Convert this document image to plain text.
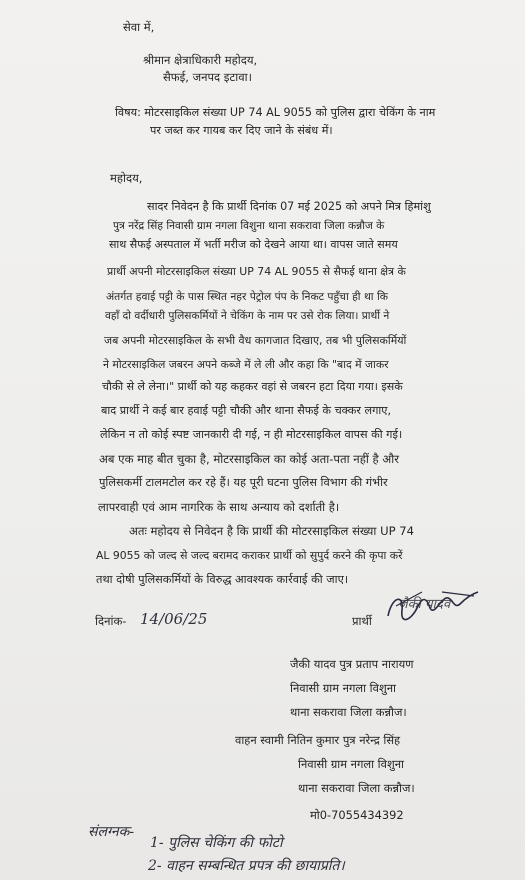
सेवा में,
श्रीमान क्षेत्राधिकारी महोदय,
सैफई, जनपद इटावा।
विषय: मोटरसाइकिल संख्या UP 74 AL 9055 को पुलिस द्वारा चेकिंग के नाम
पर जब्त कर गायब कर दिए जाने के संबंध में।
महोदय,
सादर निवेदन है कि प्रार्थी दिनांक 07 मई 2025 को अपने मित्र हिमांशु
पुत्र नरेंद्र सिंह निवासी ग्राम नगला विशुना थाना सकरावा जिला कन्नौज के
साथ सैफई अस्पताल में भर्ती मरीज को देखने आया था। वापस जाते समय
प्रार्थी अपनी मोटरसाइकिल संख्या UP 74 AL 9055 से सैफई थाना क्षेत्र के
अंतर्गत हवाई पट्टी के पास स्थित नहर पेट्रोल पंप के निकट पहुँचा ही था कि
वहाँ दो वर्दीधारी पुलिसकर्मियों ने चेकिंग के नाम पर उसे रोक लिया। प्रार्थी ने
जब अपनी मोटरसाइकिल के सभी वैध कागजात दिखाए, तब भी पुलिसकर्मियों
ने मोटरसाइकिल जबरन अपने कब्जे में ले ली और कहा कि "बाद में जाकर
चौकी से ले लेना।" प्रार्थी को यह कहकर वहां से जबरन हटा दिया गया। इसके
बाद प्रार्थी ने कई बार हवाई पट्टी चौकी और थाना सैफई के चक्कर लगाए,
लेकिन न तो कोई स्पष्ट जानकारी दी गई, न ही मोटरसाइकिल वापस की गई।
अब एक माह बीत चुका है, मोटरसाइकिल का कोई अता-पता नहीं है और
पुलिसकर्मी टालमटोल कर रहे हैं। यह पूरी घटना पुलिस विभाग की गंभीर
लापरवाही एवं आम नागरिक के साथ अन्याय को दर्शाती है।
अतः महोदय से निवेदन है कि प्रार्थी की मोटरसाइकिल संख्या UP 74
AL 9055 को जल्द से जल्द बरामद कराकर प्रार्थी को सुपुर्द करने की कृपा करें
तथा दोषी पुलिसकर्मियों के विरुद्ध आवश्यक कार्रवाई की जाए।
दिनांक- 14/06/25	प्रार्थी
जैकी यादव
जैकी यादव पुत्र प्रताप नारायण
निवासी ग्राम नगला विशुना
थाना सकरावा जिला कन्नौज।
वाहन स्वामी नितिन कुमार पुत्र नरेन्द्र सिंह
निवासी ग्राम नगला विशुना
थाना सकरावा जिला कन्नौज।
मो0-7055434392
संलग्नक-
1- पुलिस चेकिंग की फोटो
2- वाहन सम्बन्धित प्रपत्र की छायाप्रति।
